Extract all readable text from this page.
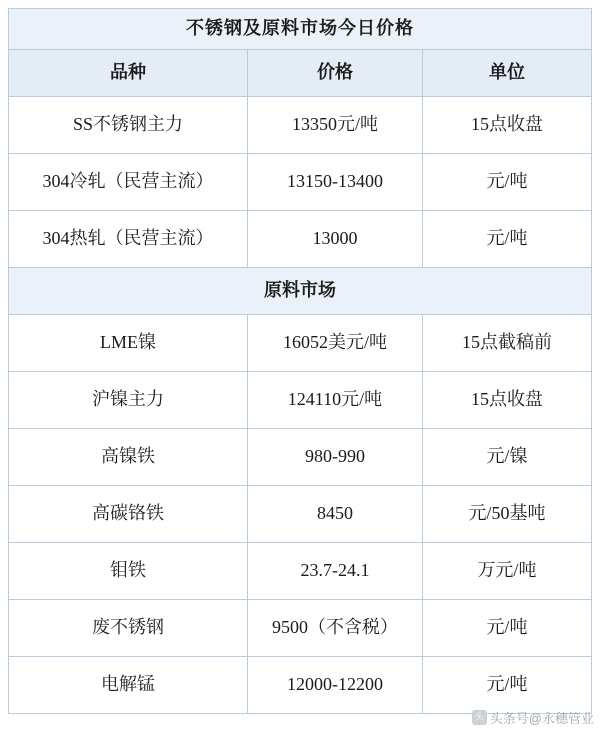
不锈钢及原料市场今日价格		
品种	价格	单位
SS不锈钢主力	13350元/吨	15点收盘
304冷轧（民营主流）	13150-13400	元/吨
304热轧（民营主流）	13000	元/吨
原料市场		
LME镍	16052美元/吨	15点截稿前
沪镍主力	124110元/吨	15点收盘
高镍铁	980-990	元/镍
高碳铬铁	8450	元/50基吨
钼铁	23.7-24.1	万元/吨
废不锈钢	9500（不含税）	元/吨
电解锰	12000-12200	元/吨
头 头条号@永穗管业
